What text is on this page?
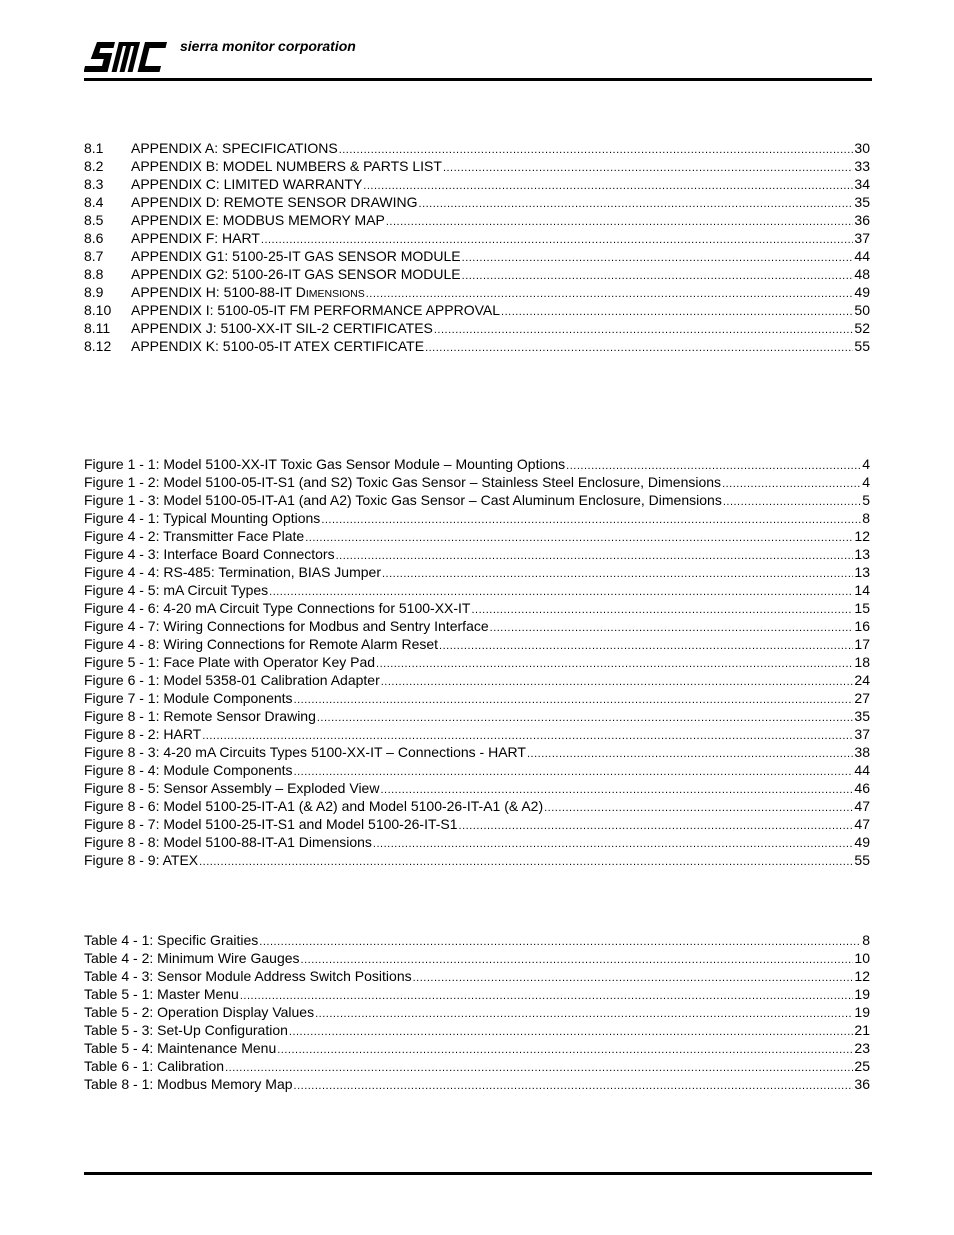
sierra monitor corporation
8.1	APPENDIX A: SPECIFICATIONS .....	30
8.2	APPENDIX B: MODEL NUMBERS & PARTS LIST .....	33
8.3	APPENDIX C: LIMITED WARRANTY .....	34
8.4	APPENDIX D: REMOTE SENSOR DRAWING .....	35
8.5	APPENDIX E: MODBUS MEMORY MAP .....	36
8.6	APPENDIX F: HART .....	37
8.7	APPENDIX G1: 5100-25-IT GAS SENSOR MODULE .....	44
8.8	APPENDIX G2: 5100-26-IT GAS SENSOR MODULE .....	48
8.9	APPENDIX H: 5100-88-IT D IMENSIONS .....	49
8.10	APPENDIX I: 5100-05-IT FM PERFORMANCE APPROVAL .....	50
8.11	APPENDIX J: 5100-XX-IT SIL-2 CERTIFICATES .....	52
8.12	APPENDIX K: 5100-05-IT ATEX CERTIFICATE .....	55
Figure 1 - 1: Model 5100-XX-IT Toxic Gas Sensor Module – Mounting Options .....	4
Figure 1 - 2: Model 5100-05-IT-S1 (and S2) Toxic Gas Sensor – Stainless Steel Enclosure, Dimensions .....	4
Figure 1 - 3: Model 5100-05-IT-A1 (and A2) Toxic Gas Sensor – Cast Aluminum Enclosure, Dimensions .....	5
Figure 4 - 1: Typical Mounting Options .....	8
Figure 4 - 2: Transmitter Face Plate .....	12
Figure 4 - 3: Interface Board Connectors .....	13
Figure 4 - 4: RS-485: Termination, BIAS Jumper .....	13
Figure 4 - 5: mA Circuit Types .....	14
Figure 4 - 6: 4-20 mA Circuit Type Connections for 5100-XX-IT .....	15
Figure 4 - 7: Wiring Connections for Modbus and Sentry Interface .....	16
Figure 4 - 8: Wiring Connections for Remote Alarm Reset .....	17
Figure 5 - 1: Face Plate with Operator Key Pad .....	18
Figure 6 - 1: Model 5358-01 Calibration Adapter .....	24
Figure 7 - 1: Module Components .....	27
Figure 8 - 1: Remote Sensor Drawing .....	35
Figure 8 - 2: HART .....	37
Figure 8 - 3: 4-20 mA Circuits Types 5100-XX-IT – Connections - HART .....	38
Figure 8 - 4: Module Components .....	44
Figure 8 - 5: Sensor Assembly – Exploded View .....	46
Figure 8 - 6: Model 5100-25-IT-A1 (& A2) and Model 5100-26-IT-A1 (& A2) .....	47
Figure 8 - 7: Model 5100-25-IT-S1 and Model 5100-26-IT-S1 .....	47
Figure 8 - 8: Model 5100-88-IT-A1 Dimensions .....	49
Figure 8 - 9: ATEX .....	55
Table 4 - 1: Specific Graities .....	8
Table 4 - 2: Minimum Wire Gauges .....	10
Table 4 - 3: Sensor Module Address Switch Positions .....	12
Table 5 - 1: Master Menu .....	19
Table 5 - 2: Operation Display Values .....	19
Table 5 - 3: Set-Up Configuration .....	21
Table 5 - 4: Maintenance Menu .....	23
Table 6 - 1: Calibration .....	25
Table 8 - 1: Modbus Memory Map .....	36
